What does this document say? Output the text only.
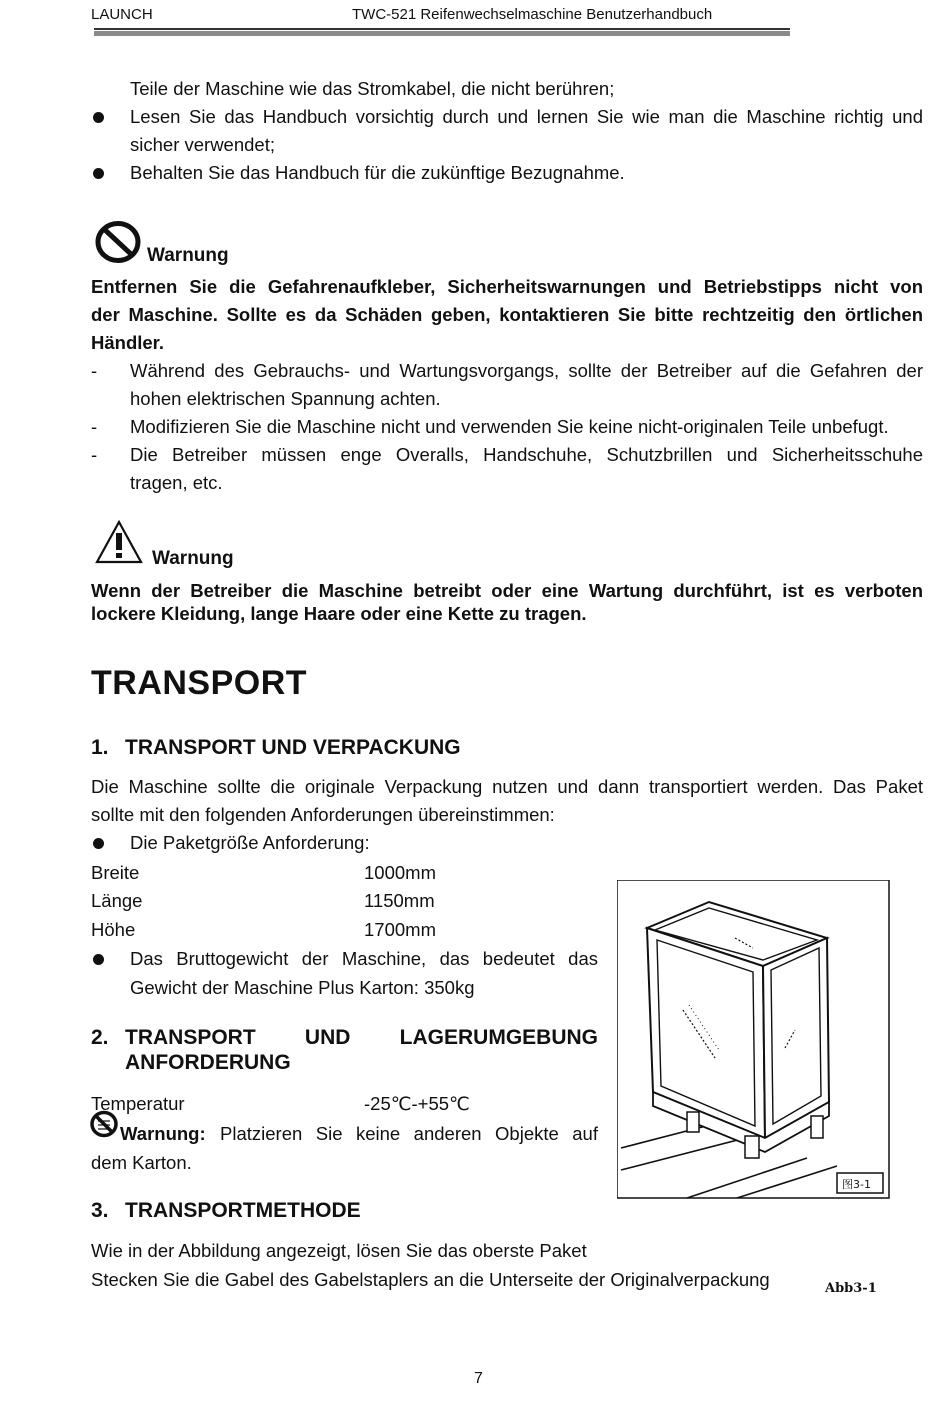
LAUNCH	TWC-521 Reifenwechselmaschine Benutzerhandbuch
Teile der Maschine wie das Stromkabel, die nicht berühren;
Lesen Sie das Handbuch vorsichtig durch und lernen Sie wie man die Maschine richtig und
sicher verwendet;
Behalten Sie das Handbuch für die zukünftige Bezugnahme.
Warnung
Entfernen Sie die Gefahrenaufkleber, Sicherheitswarnungen und Betriebstipps nicht von
der Maschine. Sollte es da Schäden geben, kontaktieren Sie bitte rechtzeitig den örtlichen
Händler.
- Während des Gebrauchs- und Wartungsvorgangs, sollte der Betreiber auf die Gefahren der
hohen elektrischen Spannung achten.
- Modifizieren Sie die Maschine nicht und verwenden Sie keine nicht-originalen Teile unbefugt.
- Die Betreiber müssen enge Overalls, Handschuhe, Schutzbrillen und Sicherheitsschuhe
tragen, etc.
Warnung
Wenn der Betreiber die Maschine betreibt oder eine Wartung durchführt, ist es verboten
lockere Kleidung, lange Haare oder eine Kette zu tragen.
TRANSPORT
1. TRANSPORT UND VERPACKUNG
Die Maschine sollte die originale Verpackung nutzen und dann transportiert werden. Das Paket
sollte mit den folgenden Anforderungen übereinstimmen:
Die Paketgröße Anforderung:
Breite	1000mm
Länge	1150mm
Höhe	1700mm
Das Bruttogewicht der Maschine, das bedeutet das
Gewicht der Maschine Plus Karton: 350kg
2. TRANSPORT UND LAGERUMGEBUNG
ANFORDERUNG
Temperatur	-25℃-+55℃
Warnung: Platzieren Sie keine anderen Objekte auf
dem Karton.
3. TRANSPORTMETHODE
Wie in der Abbildung angezeigt, lösen Sie das oberste Paket
Stecken Sie die Gabel des Gabelstaplers an die Unterseite der Originalverpackung
图3-1
Abb3-1
7
